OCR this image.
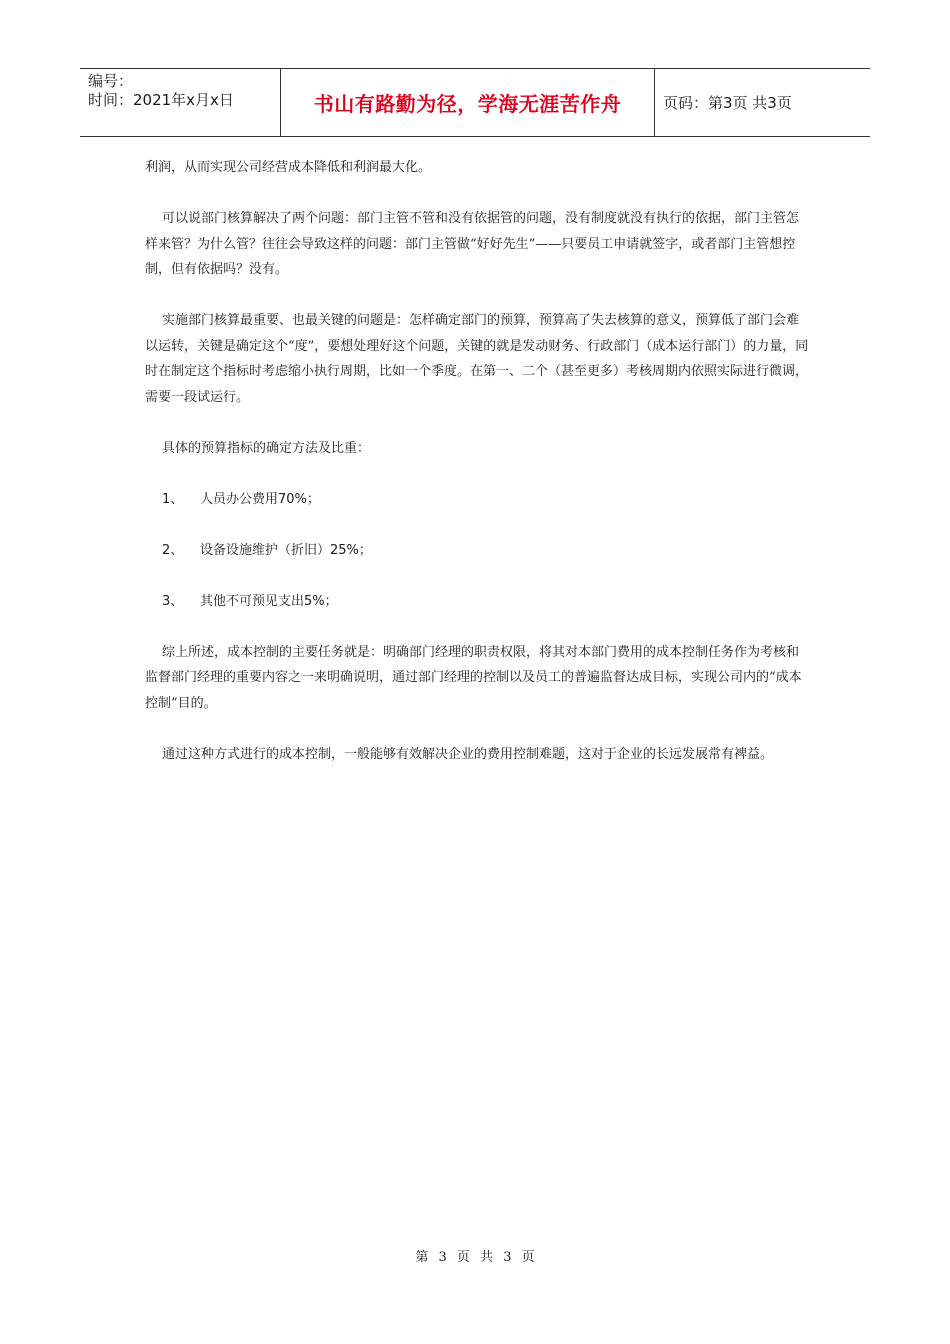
编号：
时间：2021年x月x日	书山有路勤为径，学海无涯苦作舟	页码：第3页 共3页

利润，从而实现公司经营成本降低和利润最大化。

可以说部门核算解决了两个问题：部门主管不管和没有依据管的问题，没有制度就没有执行的依据，部门主管怎样来管？为什么管？往往会导致这样的问题：部门主管做“好好先生”——只要员工申请就签字，或者部门主管想控制，但有依据吗？没有。

实施部门核算最重要、也最关键的问题是：怎样确定部门的预算，预算高了失去核算的意义，预算低了部门会难以运转，关键是确定这个“度”，要想处理好这个问题，关键的就是发动财务、行政部门（成本运行部门）的力量，同时在制定这个指标时考虑缩小执行周期，比如一个季度。在第一、二个（甚至更多）考核周期内依照实际进行微调，需要一段试运行。

具体的预算指标的确定方法及比重：

1、	人员办公费用70%；
2、	设备设施维护（折旧）25%；
3、	其他不可预见支出5%；

综上所述，成本控制的主要任务就是：明确部门经理的职责权限，将其对本部门费用的成本控制任务作为考核和监督部门经理的重要内容之一来明确说明，通过部门经理的控制以及员工的普遍监督达成目标，实现公司内的“成本控制”目的。

通过这种方式进行的成本控制，一般能够有效解决企业的费用控制难题，这对于企业的长远发展常有裨益。

第 3 页 共 3 页
